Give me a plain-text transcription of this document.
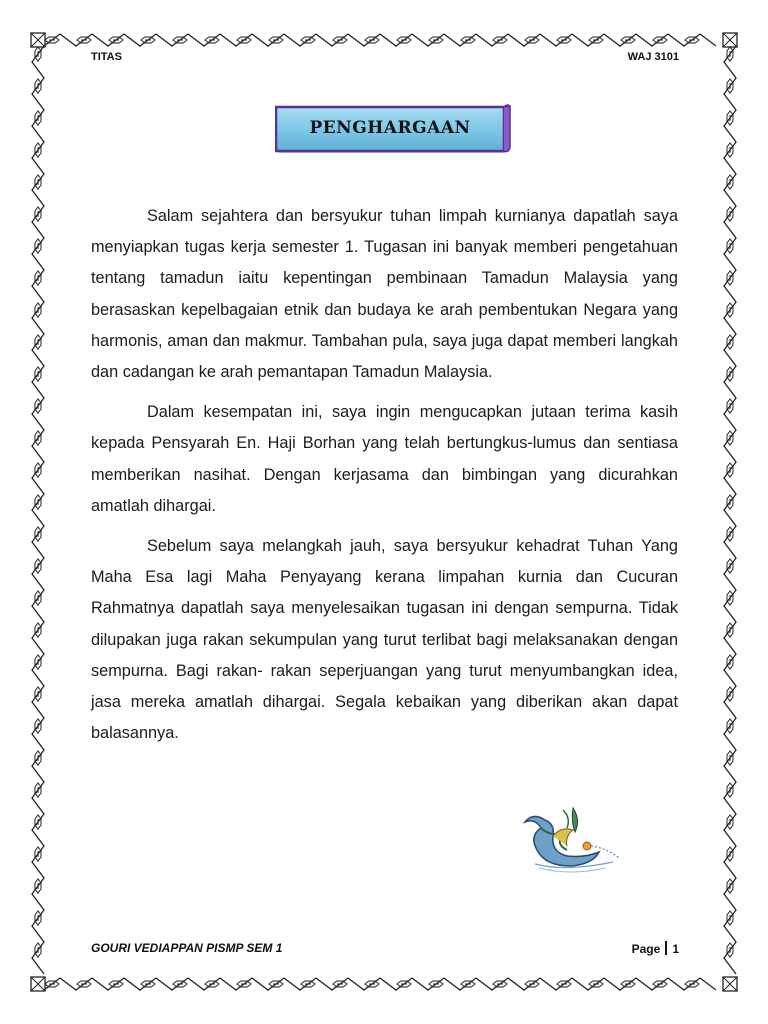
TITAS	WAJ 3101
PENGHARGAAN

Salam sejahtera dan bersyukur tuhan limpah kurnianya dapatlah saya menyiapkan tugas kerja semester 1. Tugasan ini banyak memberi pengetahuan tentang tamadun iaitu kepentingan pembinaan Tamadun Malaysia yang berasaskan kepelbagaian etnik dan budaya ke arah pembentukan Negara yang harmonis, aman dan makmur. Tambahan pula, saya juga dapat memberi langkah dan cadangan ke arah pemantapan Tamadun Malaysia.

Dalam kesempatan ini, saya ingin mengucapkan jutaan terima kasih kepada Pensyarah En. Haji Borhan yang telah bertungkus-lumus dan sentiasa memberikan nasihat. Dengan kerjasama dan bimbingan yang dicurahkan amatlah dihargai.

Sebelum saya melangkah jauh, saya bersyukur kehadrat Tuhan Yang Maha Esa lagi Maha Penyayang kerana limpahan kurnia dan Cucuran Rahmatnya dapatlah saya menyelesaikan tugasan ini dengan sempurna. Tidak dilupakan juga rakan sekumpulan yang turut terlibat bagi melaksanakan dengan sempurna. Bagi rakan- rakan seperjuangan yang turut menyumbangkan idea, jasa mereka amatlah dihargai. Segala kebaikan yang diberikan akan dapat balasannya.

GOURI VEDIAPPAN PISMP SEM 1	Page 1
